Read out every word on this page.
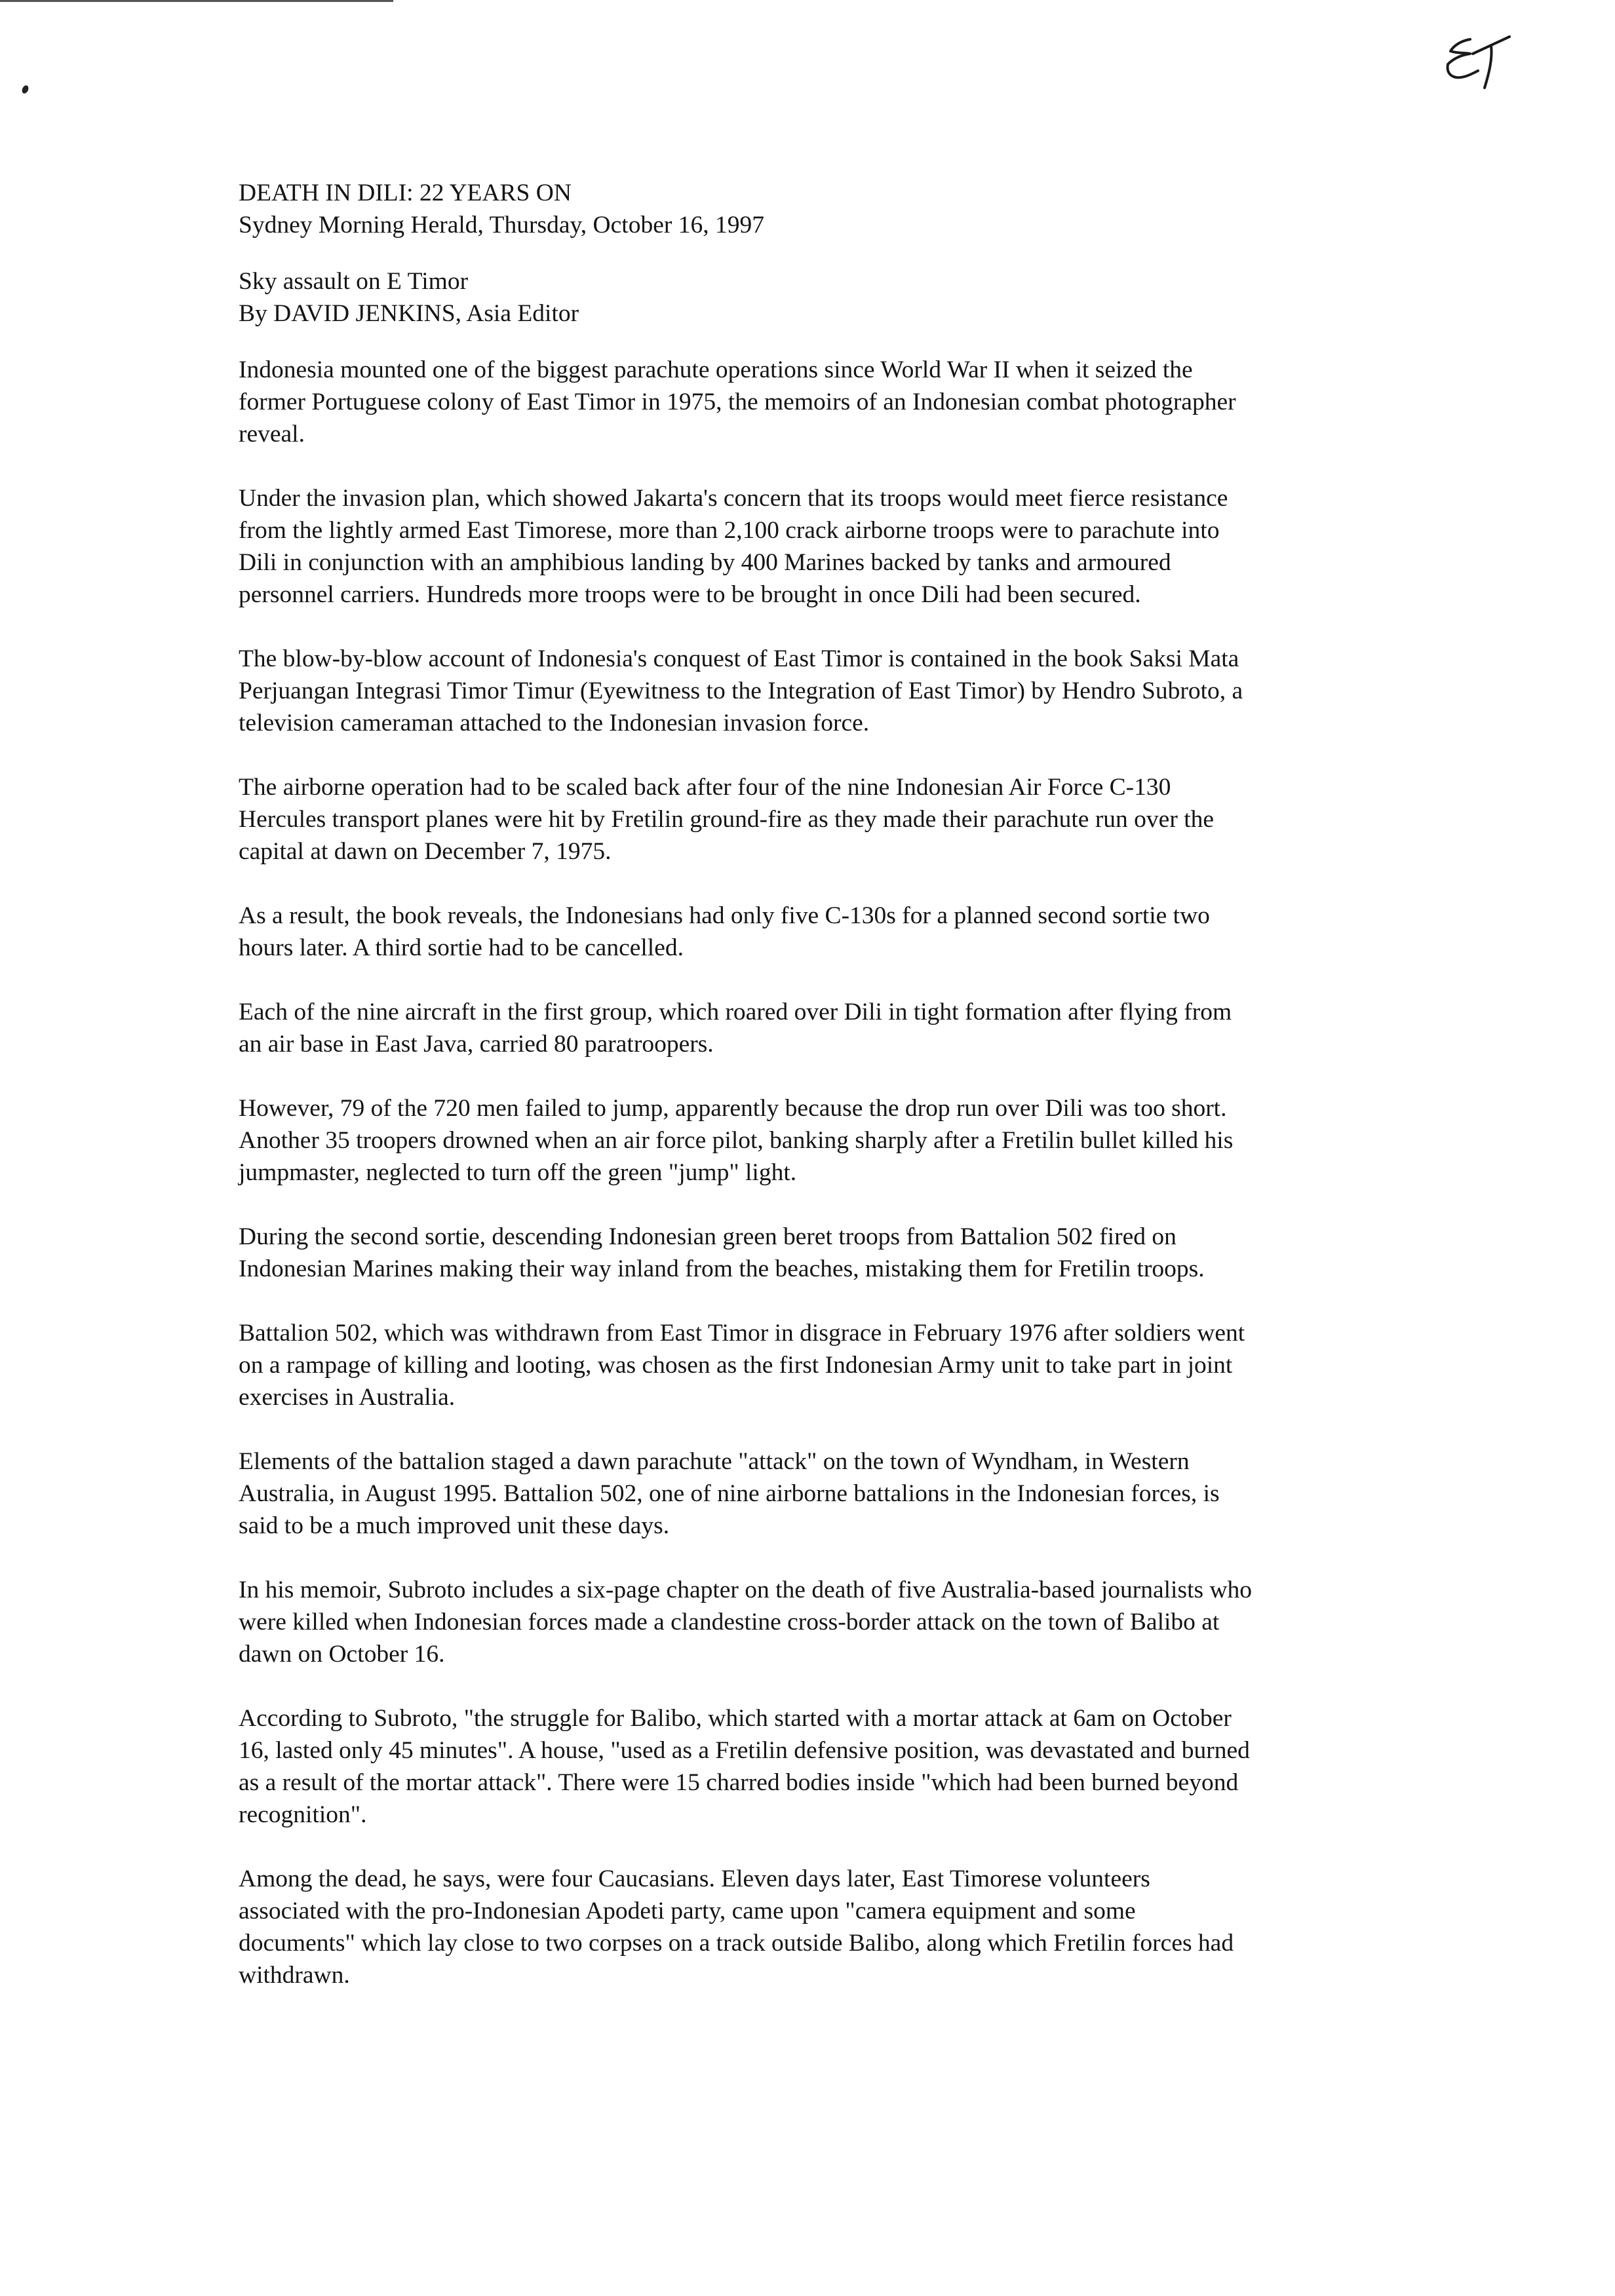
DEATH IN DILI: 22 YEARS ON
Sydney Morning Herald, Thursday, October 16, 1997
Sky assault on E Timor
By DAVID JENKINS, Asia Editor
Indonesia mounted one of the biggest parachute operations since World War II when it seized the
former Portuguese colony of East Timor in 1975, the memoirs of an Indonesian combat photographer
reveal.
Under the invasion plan, which showed Jakarta's concern that its troops would meet fierce resistance
from the lightly armed East Timorese, more than 2,100 crack airborne troops were to parachute into
Dili in conjunction with an amphibious landing by 400 Marines backed by tanks and armoured
personnel carriers. Hundreds more troops were to be brought in once Dili had been secured.
The blow-by-blow account of Indonesia's conquest of East Timor is contained in the book Saksi Mata
Perjuangan Integrasi Timor Timur (Eyewitness to the Integration of East Timor) by Hendro Subroto, a
television cameraman attached to the Indonesian invasion force.
The airborne operation had to be scaled back after four of the nine Indonesian Air Force C-130
Hercules transport planes were hit by Fretilin ground-fire as they made their parachute run over the
capital at dawn on December 7, 1975.
As a result, the book reveals, the Indonesians had only five C-130s for a planned second sortie two
hours later. A third sortie had to be cancelled.
Each of the nine aircraft in the first group, which roared over Dili in tight formation after flying from
an air base in East Java, carried 80 paratroopers.
However, 79 of the 720 men failed to jump, apparently because the drop run over Dili was too short.
Another 35 troopers drowned when an air force pilot, banking sharply after a Fretilin bullet killed his
jumpmaster, neglected to turn off the green "jump" light.
During the second sortie, descending Indonesian green beret troops from Battalion 502 fired on
Indonesian Marines making their way inland from the beaches, mistaking them for Fretilin troops.
Battalion 502, which was withdrawn from East Timor in disgrace in February 1976 after soldiers went
on a rampage of killing and looting, was chosen as the first Indonesian Army unit to take part in joint
exercises in Australia.
Elements of the battalion staged a dawn parachute "attack" on the town of Wyndham, in Western
Australia, in August 1995. Battalion 502, one of nine airborne battalions in the Indonesian forces, is
said to be a much improved unit these days.
In his memoir, Subroto includes a six-page chapter on the death of five Australia-based journalists who
were killed when Indonesian forces made a clandestine cross-border attack on the town of Balibo at
dawn on October 16.
According to Subroto, "the struggle for Balibo, which started with a mortar attack at 6am on October
16, lasted only 45 minutes". A house, "used as a Fretilin defensive position, was devastated and burned
as a result of the mortar attack". There were 15 charred bodies inside "which had been burned beyond
recognition".
Among the dead, he says, were four Caucasians. Eleven days later, East Timorese volunteers
associated with the pro-Indonesian Apodeti party, came upon "camera equipment and some
documents" which lay close to two corpses on a track outside Balibo, along which Fretilin forces had
withdrawn.
